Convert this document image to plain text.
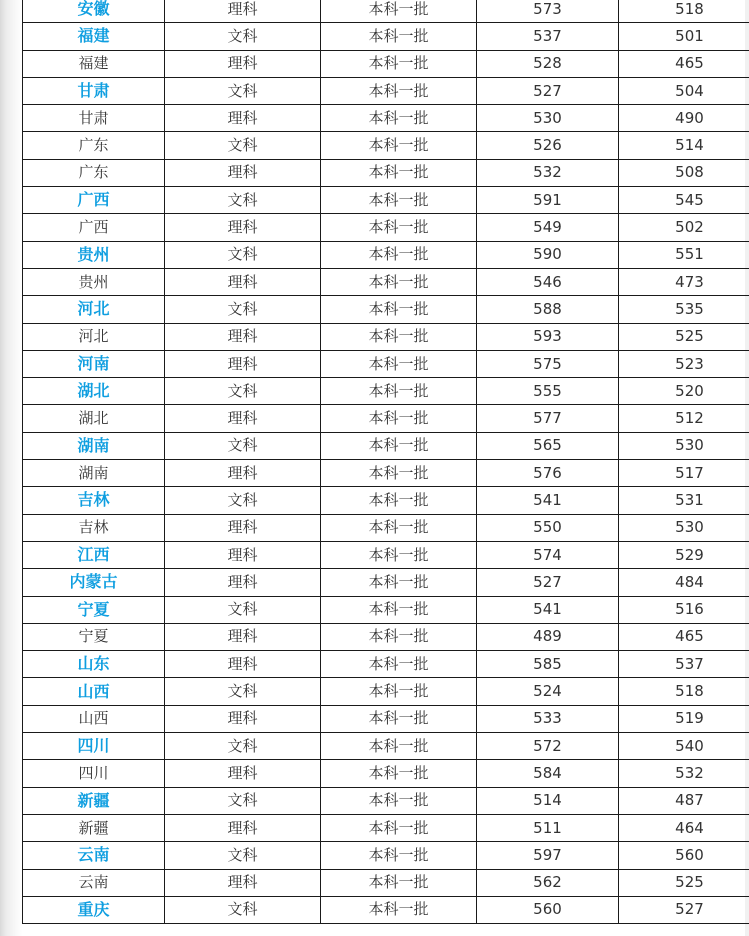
安徽	理科	本科一批	573	518
福建	文科	本科一批	537	501
福建	理科	本科一批	528	465
甘肃	文科	本科一批	527	504
甘肃	理科	本科一批	530	490
广东	文科	本科一批	526	514
广东	理科	本科一批	532	508
广西	文科	本科一批	591	545
广西	理科	本科一批	549	502
贵州	文科	本科一批	590	551
贵州	理科	本科一批	546	473
河北	文科	本科一批	588	535
河北	理科	本科一批	593	525
河南	理科	本科一批	575	523
湖北	文科	本科一批	555	520
湖北	理科	本科一批	577	512
湖南	文科	本科一批	565	530
湖南	理科	本科一批	576	517
吉林	文科	本科一批	541	531
吉林	理科	本科一批	550	530
江西	理科	本科一批	574	529
内蒙古	理科	本科一批	527	484
宁夏	文科	本科一批	541	516
宁夏	理科	本科一批	489	465
山东	理科	本科一批	585	537
山西	文科	本科一批	524	518
山西	理科	本科一批	533	519
四川	文科	本科一批	572	540
四川	理科	本科一批	584	532
新疆	文科	本科一批	514	487
新疆	理科	本科一批	511	464
云南	文科	本科一批	597	560
云南	理科	本科一批	562	525
重庆	文科	本科一批	560	527
